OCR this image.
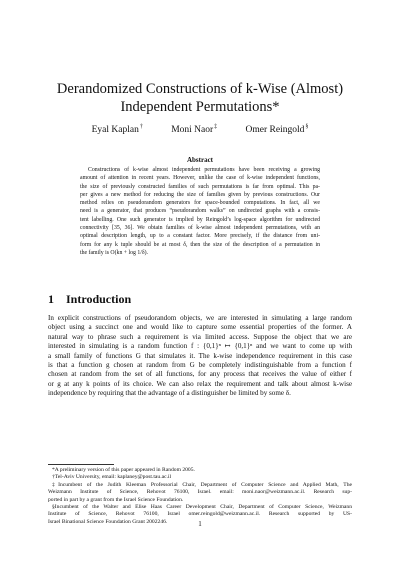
Derandomized Constructions of k-Wise (Almost)
Independent Permutations*
Eyal Kaplan†	Moni Naor‡	Omer Reingold§
Abstract
Constructions of k-wise almost independent permutations have been receiving a growing
amount of attention in recent years. However, unlike the case of k-wise independent functions,
the size of previously constructed families of such permutations is far from optimal. This pa-
per gives a new method for reducing the size of families given by previous constructions. Our
method relies on pseudorandom generators for space-bounded computations. In fact, all we
need is a generator, that produces “pseudorandom walks” on undirected graphs with a consis-
tent labelling. One such generator is implied by Reingold’s log-space algorithm for undirected
connectivity [35, 36]. We obtain families of k-wise almost independent permutations, with an
optimal description length, up to a constant factor. More precisely, if the distance from uni-
form for any k tuple should be at most δ, then the size of the description of a permutation in
the family is O(kn + log 1/δ).
1 Introduction
In explicit constructions of pseudorandom objects, we are interested in simulating a large random
object using a succinct one and would like to capture some essential properties of the former. A
natural way to phrase such a requirement is via limited access. Suppose the object that we are
interested in simulating is a random function f : {0,1}ⁿ ↦ {0,1}ⁿ and we want to come up with
a small family of functions G that simulates it. The k-wise independence requirement in this case
is that a function g chosen at random from G be completely indistinguishable from a function f
chosen at random from the set of all functions, for any process that receives the value of either f
or g at any k points of its choice. We can also relax the requirement and talk about almost k-wise
independence by requiring that the advantage of a distinguisher be limited by some δ.
*A preliminary version of this paper appeared in Random 2005.
†Tel-Aviv University, email: kaplaney@post.tau.ac.il
‡Incumbent of the Judith Kleeman Professorial Chair, Department of Computer Science and Applied Math, The
Weizmann Institute of Science, Rehovot 76100, Israel. email: moni.naor@weizmann.ac.il. Research sup-
ported in part by a grant from the Israel Science Foundation.
§Incumbent of the Walter and Elise Haas Career Development Chair, Department of Computer Science, Weizmann
Institute of Science, Rehovot 76100, Israel omer.reingold@weizmann.ac.il. Research supported by US-
Israel Binational Science Foundation Grant 2002246.	1
